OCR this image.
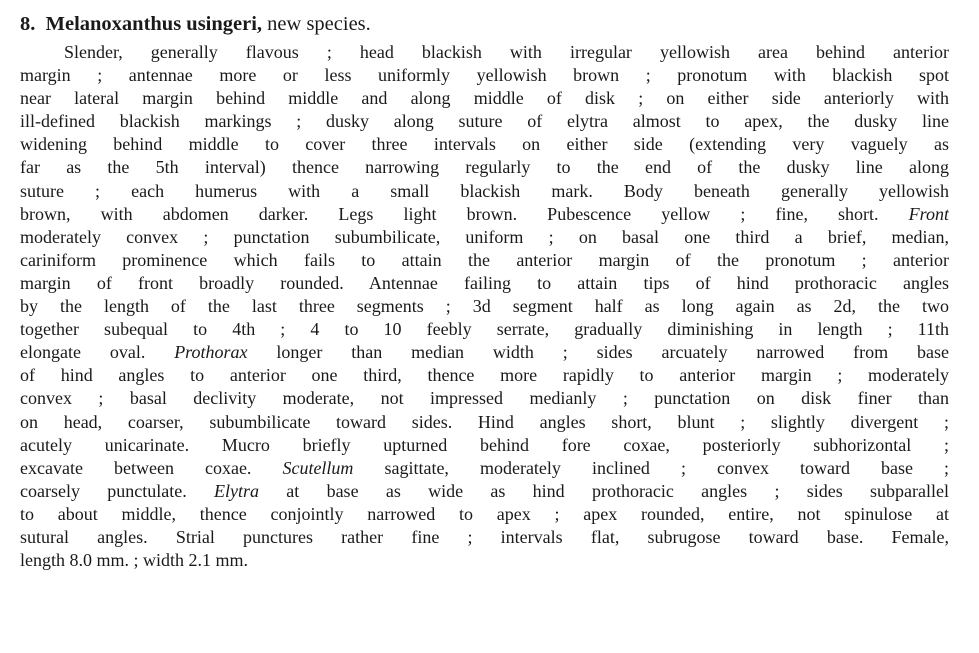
8. Melanoxanthus usingeri, new species.
Slender, generally flavous ; head blackish with irregular yellowish area behind anterior
margin ; antennae more or less uniformly yellowish brown ; pronotum with blackish spot
near lateral margin behind middle and along middle of disk ; on either side anteriorly with
ill-defined blackish markings ; dusky along suture of elytra almost to apex, the dusky line
widening behind middle to cover three intervals on either side (extending very vaguely as
far as the 5th interval) thence narrowing regularly to the end of the dusky line along
suture ; each humerus with a small blackish mark. Body beneath generally yellowish
brown, with abdomen darker. Legs light brown. Pubescence yellow ; fine, short. Front
moderately convex ; punctation subumbilicate, uniform ; on basal one third a brief, median,
cariniform prominence which fails to attain the anterior margin of the pronotum ; anterior
margin of front broadly rounded. Antennae failing to attain tips of hind prothoracic angles
by the length of the last three segments ; 3d segment half as long again as 2d, the two
together subequal to 4th ; 4 to 10 feebly serrate, gradually diminishing in length ; 11th
elongate oval. Prothorax longer than median width ; sides arcuately narrowed from base
of hind angles to anterior one third, thence more rapidly to anterior margin ; moderately
convex ; basal declivity moderate, not impressed medianly ; punctation on disk finer than
on head, coarser, subumbilicate toward sides. Hind angles short, blunt ; slightly divergent ;
acutely unicarinate. Mucro briefly upturned behind fore coxae, posteriorly subhorizontal ;
excavate between coxae. Scutellum sagittate, moderately inclined ; convex toward base ;
coarsely punctulate. Elytra at base as wide as hind prothoracic angles ; sides subparallel
to about middle, thence conjointly narrowed to apex ; apex rounded, entire, not spinulose at
sutural angles. Strial punctures rather fine ; intervals flat, subrugose toward base. Female,
length 8.0 mm. ; width 2.1 mm.
